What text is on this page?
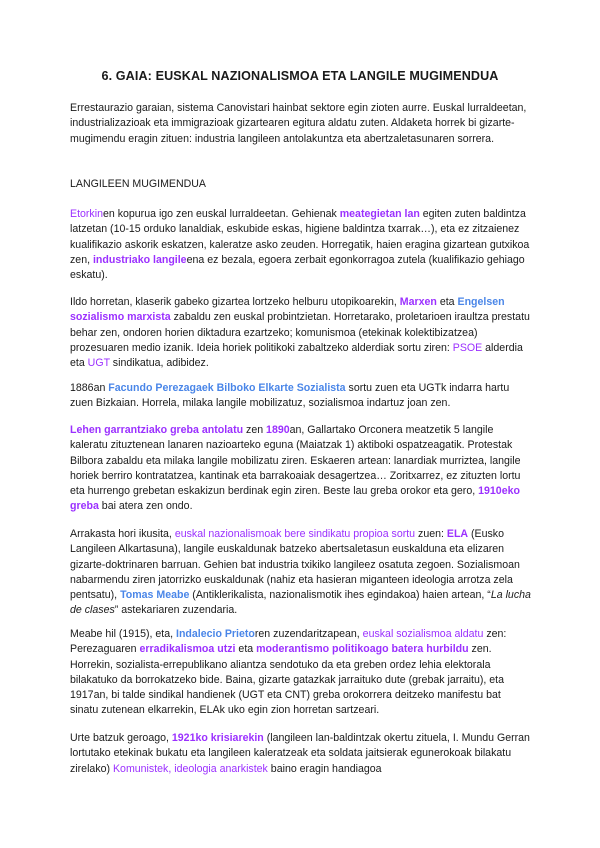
6. GAIA: EUSKAL NAZIONALISMOA ETA LANGILE MUGIMENDUA
Errestaurazio garaian, sistema Canovistari hainbat sektore egin zioten aurre. Euskal lurraldeetan, industrializazioak eta immigrazioak gizartearen egitura aldatu zuten. Aldaketa horrek bi gizarte-mugimendu eragin zituen: industria langileen antolakuntza eta abertzaletasunaren sorrera.
LANGILEEN MUGIMENDUA
Etorkinen kopurua igo zen euskal lurraldeetan. Gehienak meategietan lan egiten zuten baldintza latzetan (10-15 orduko lanaldiak, eskubide eskas, higiene baldintza txarrak…), eta ez zitzaienez kualifikazio askorik eskatzen, kaleratze asko zeuden. Horregatik, haien eragina gizartean gutxikoa zen, industriako langileena ez bezala, egoera zerbait egonkorragoa zutela (kualifikazio gehiago eskatu).
Ildo horretan, klaserik gabeko gizartea lortzeko helburu utopikoarekin, Marxen eta Engelsen sozialismo marxista zabaldu zen euskal probintzietan. Horretarako, proletarioen iraultza prestatu behar zen, ondoren horien diktadura ezartzeko; komunismoa (etekinak kolektibizatzea) prozesuaren medio izanik. Ideia horiek politikoki zabaltzeko alderdiak sortu ziren: PSOE alderdia eta UGT sindikatua, adibidez.
1886an Facundo Perezagaek Bilboko Elkarte Sozialista sortu zuen eta UGTk indarra hartu zuen Bizkaian. Horrela, milaka langile mobilizatuz, sozialismoa indartuz joan zen.
Lehen garrantziako greba antolatu zen 1890an, Gallartako Orconera meatzetik 5 langile kaleratu zituztenean lanaren nazioarteko eguna (Maiatzak 1) aktiboki ospatzeagatik. Protestak Bilbora zabaldu eta milaka langile mobilizatu ziren. Eskaeren artean: lanardiak murriztea, langile horiek berriro kontratatzea, kantinak eta barrakoaiak desagertzea… Zoritxarrez, ez zituzten lortu eta hurrengo grebetan eskakizun berdinak egin ziren. Beste lau greba orokor eta gero, 1910eko greba bai atera zen ondo.
Arrakasta hori ikusita, euskal nazionalismoak bere sindikatu propioa sortu zuen: ELA (Eusko Langileen Alkartasuna), langile euskaldunak batzeko abertsaletasun euskalduna eta elizaren gizarte-doktrinaren barruan. Gehien bat industria txikiko langileez osatuta zegoen. Sozialismoan nabarmendu ziren jatorrizko euskaldunak (nahiz eta hasieran miganteen ideologia arrotza zela pentsatu), Tomas Meabe (Antiklerikalista, nazionalismotik ihes egindakoa) haien artean, “La lucha de clases” astekariaren zuzendaria.
Meabe hil (1915), eta, Indalecio Prietoren zuzendaritzapean, euskal sozialismoa aldatu zen: Perezaguaren erradikalismoa utzi eta moderantismo politikoago batera hurbildu zen. Horrekin, sozialista-errepublikano aliantza sendotuko da eta greben ordez lehia elektorala bilakatuko da borrokatzeko bide. Baina, gizarte gatazkak jarraituko dute (grebak jarraitu), eta 1917an, bi talde sindikal handienek (UGT eta CNT) greba orokorrera deitzeko manifestu bat sinatu zutenean elkarrekin, ELAk uko egin zion horretan sartzeari.
Urte batzuk geroago, 1921ko krisiarekin (langileen lan-baldintzak okertu zituela, I. Mundu Gerran lortutako etekinak bukatu eta langileen kaleratzeak eta soldata jaitsierak egunerokoak bilakatu zirelako) Komunistek, ideologia anarkistek baino eragin handiagoa
